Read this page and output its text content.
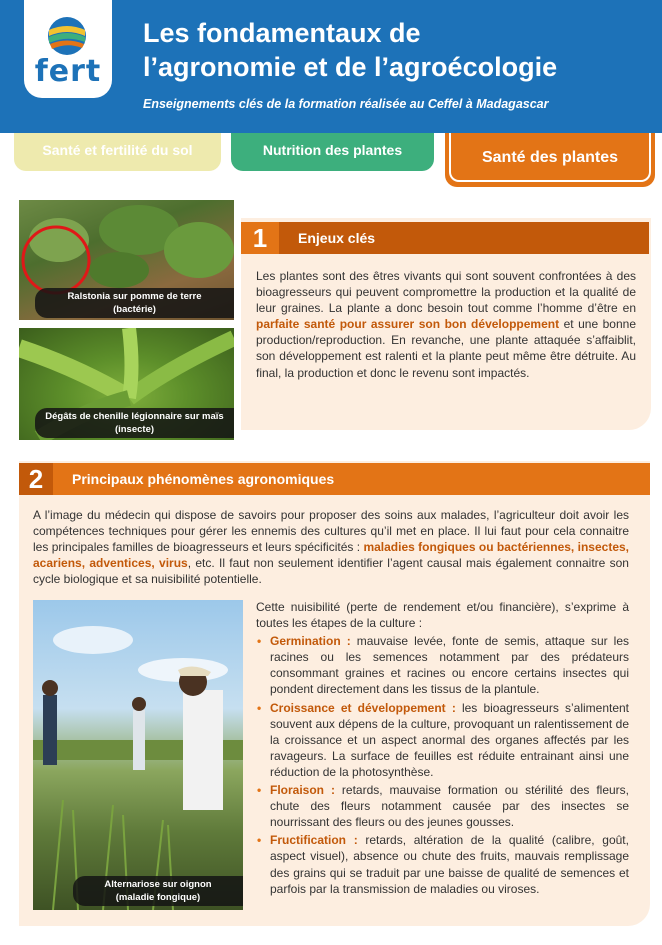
fert
Les fondamentaux de
l’agronomie et de l’agroécologie
Enseignements clés de la formation réalisée au Ceffel à Madagascar
Santé et fertilité du sol	Nutrition des plantes	Santé des plantes
Ralstonia sur pomme de terre
(bactérie)
Dégâts de chenille légionnaire sur maïs
(insecte)
1	Enjeux clés
Les plantes sont des êtres vivants qui sont souvent confrontées à des bioagresseurs qui peuvent compromettre la production et la qualité de leur graines. La plante a donc besoin tout comme l’homme d’être en parfaite santé pour assurer son bon développement et une bonne production/reproduction. En revanche, une plante attaquée s’affaiblit, son développement est ralenti et la plante peut même être détruite. Au final, la production et donc le revenu sont impactés.
2	Principaux phénomènes agronomiques
A l’image du médecin qui dispose de savoirs pour proposer des soins aux malades, l’agriculteur doit avoir les compétences techniques pour gérer les ennemis des cultures qu’il met en place. Il lui faut pour cela connaitre les principales familles de bioagresseurs et leurs spécificités : maladies fongiques ou bactériennes, insectes, acariens, adventices, virus, etc. Il faut non seulement identifier l’agent causal mais également connaitre son cycle biologique et sa nuisibilité potentielle.
Alternariose sur oignon
(maladie fongique)
Cette nuisibilité (perte de rendement et/ou financière), s’exprime à toutes les étapes de la culture :
• Germination : mauvaise levée, fonte de semis, attaque sur les racines ou les semences notamment par des prédateurs consommant graines et racines ou encore certains insectes qui pondent directement dans les tissus de la plantule.
• Croissance et développement : les bioagresseurs s’alimentent souvent aux dépens de la culture, provoquant un ralentissement de la croissance et un aspect anormal des organes affectés par les ravageurs. La surface de feuilles est réduite entrainant ainsi une réduction de la photosynthèse.
• Floraison : retards, mauvaise formation ou stérilité des fleurs, chute des fleurs notamment causée par des insectes se nourrissant des fleurs ou des jeunes gousses.
• Fructification : retards, altération de la qualité (calibre, goût, aspect visuel), absence ou chute des fruits, mauvais remplissage des grains qui se traduit par une baisse de qualité de semences et parfois par la transmission de maladies ou viroses.
